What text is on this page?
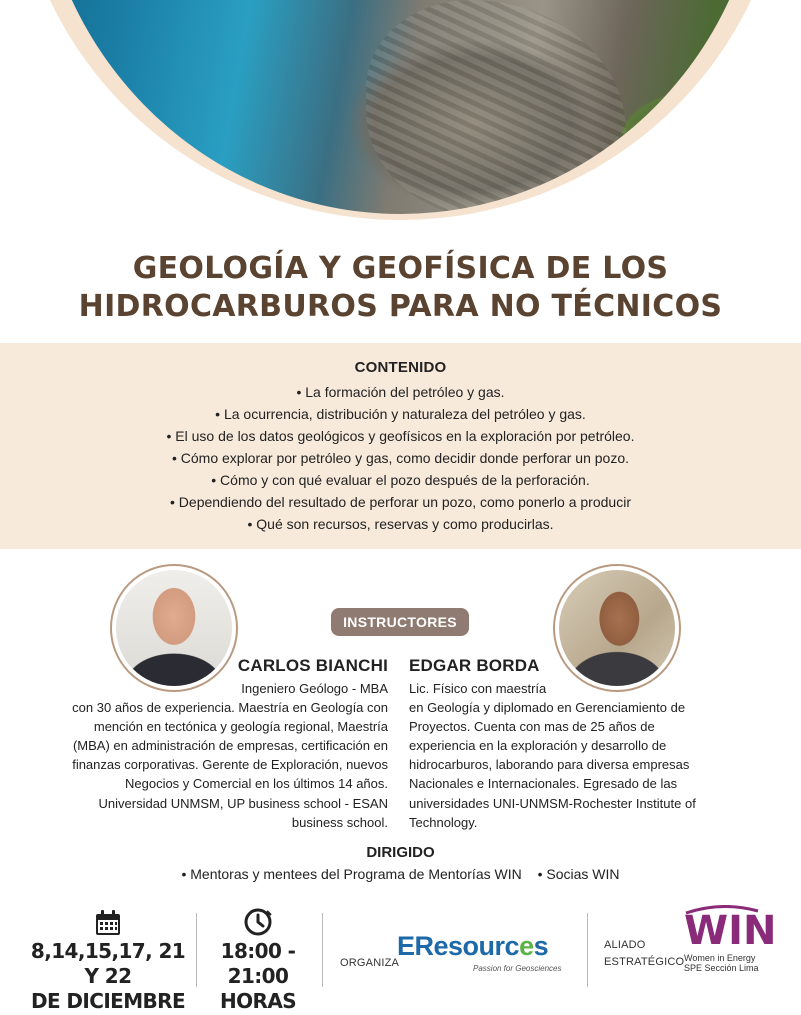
GEOLOGÍA Y GEOFÍSICA DE LOS
HIDROCARBUROS PARA NO TÉCNICOS
CONTENIDO
• La formación del petróleo y gas.
• La ocurrencia, distribución y naturaleza del petróleo y gas.
• El uso de los datos geológicos y geofísicos en la exploración por petróleo.
• Cómo explorar por petróleo y gas, como decidir donde perforar un pozo.
• Cómo y con qué evaluar el pozo después de la perforación.
• Dependiendo del resultado de perforar un pozo, como ponerlo a producir
• Qué son recursos, reservas y como producirlas.
INSTRUCTORES
CARLOS BIANCHI EDGAR BORDA
Ingeniero Geólogo - MBA
con 30 años de experiencia. Maestría en Geología con mención en tectónica y geología regional, Maestría (MBA) en administración de empresas, certificación en finanzas corporativas. Gerente de Exploración, nuevos Negocios y Comercial en los últimos 14 años. Universidad UNMSM, UP business school - ESAN business school.
Lic. Físico con maestría
en Geología y diplomado en Gerenciamiento de Proyectos. Cuenta con mas de 25 años de experiencia en la exploración y desarrollo de hidrocarburos, laborando para diversa empresas Nacionales e Internacionales. Egresado de las universidades UNI-UNMSM-Rochester Institute of Technology.
DIRIGIDO
• Mentoras y mentees del Programa de Mentorías WIN • Socias WIN
8,14,15,17, 21 Y 22
DE DICIEMBRE
18:00 - 21:00
HORAS
ORGANIZA
EResources
Passion for Geosciences
ALIADO
ESTRATÉGICO
WIN
Women in Energy
SPE Sección Lima
